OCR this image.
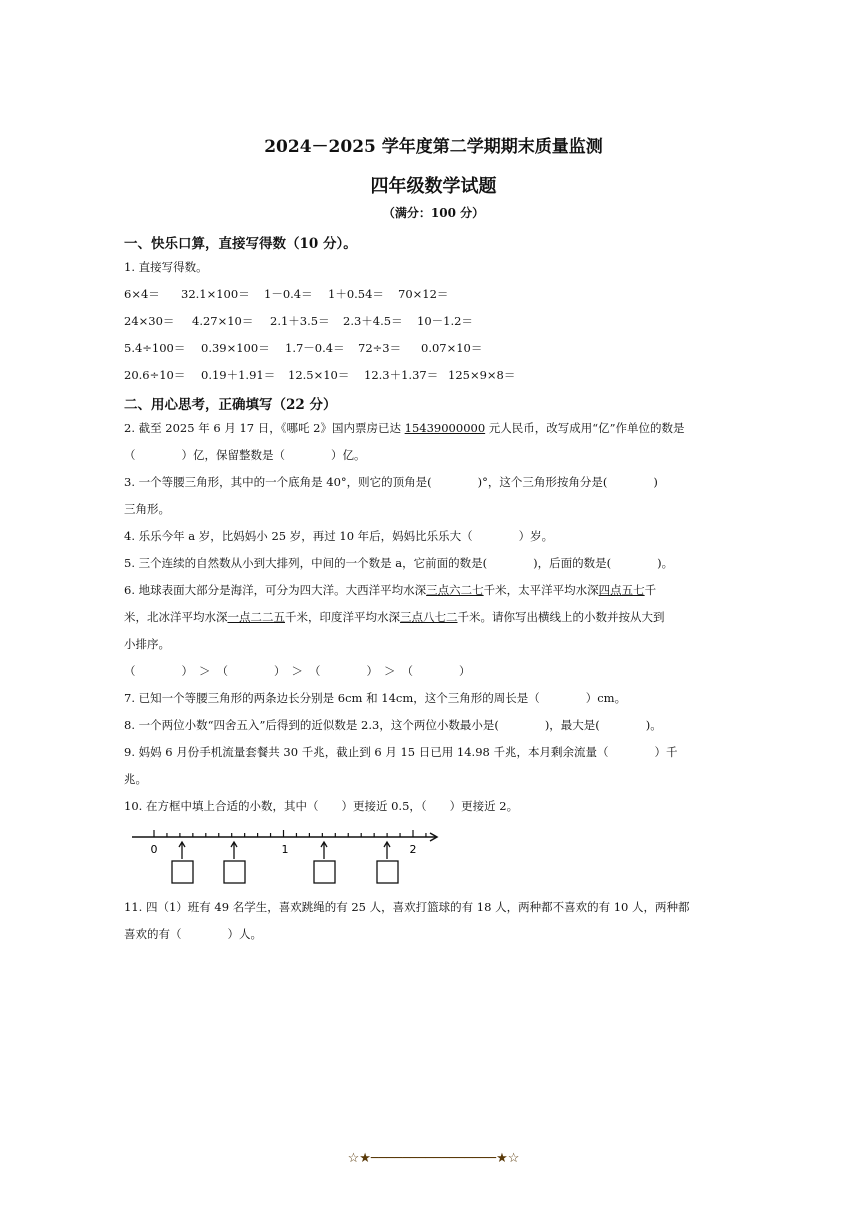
2024－2025 学年度第二学期期末质量监测
四年级数学试题
（满分：100 分）
一、快乐口算，直接写得数（10 分）。
1. 直接写得数。
6×4＝ 32.1×100＝ 1－0.4＝ 1＋0.54＝ 70×12＝
24×30＝ 4.27×10＝ 2.1＋3.5＝ 2.3＋4.5＝ 10－1.2＝
5.4÷100＝ 0.39×100＝ 1.7－0.4＝ 72÷3＝ 0.07×10＝
20.6÷10＝ 0.19＋1.91＝ 12.5×10＝ 12.3＋1.37＝ 125×9×8＝
二、用心思考，正确填写（22 分）
2. 截至 2025 年 6 月 17 日，《哪吒 2》国内票房已达 15439000000 元人民币，改写成用“亿”作单位的数是
（　　　　）亿，保留整数是（　　　　）亿。
3. 一个等腰三角形，其中的一个底角是 40°，则它的顶角是(　　　　)°，这个三角形按角分是(　　　　)
三角形。
4. 乐乐今年 a 岁，比妈妈小 25 岁，再过 10 年后，妈妈比乐乐大（　　　　）岁。
5. 三个连续的自然数从小到大排列，中间的一个数是 a，它前面的数是(　　　　)，后面的数是(　　　　)。
6. 地球表面大部分是海洋，可分为四大洋。大西洋平均水深三点六二七千米，太平洋平均水深四点五七千
米，北冰洋平均水深一点二二五千米，印度洋平均水深三点八七二千米。请你写出横线上的小数并按从大到
小排序。
（　　　　） ＞ （　　　　） ＞ （　　　　） ＞ （　　　　）
7. 已知一个等腰三角形的两条边长分别是 6cm 和 14cm，这个三角形的周长是（　　　　）cm。
8. 一个两位小数“四舍五入”后得到的近似数是 2.3，这个两位小数最小是(　　　　)，最大是(　　　　)。
9. 妈妈 6 月份手机流量套餐共 30 千兆，截止到 6 月 15 日已用 14.98 千兆，本月剩余流量（　　　　）千
兆。
10. 在方框中填上合适的小数，其中（　　）更接近 0.5，（　　）更接近 2。
0	1	2
11. 四（1）班有 49 名学生，喜欢跳绳的有 25 人，喜欢打篮球的有 18 人，两种都不喜欢的有 10 人，两种都
喜欢的有（　　　　）人。
☆★────────────────★☆
